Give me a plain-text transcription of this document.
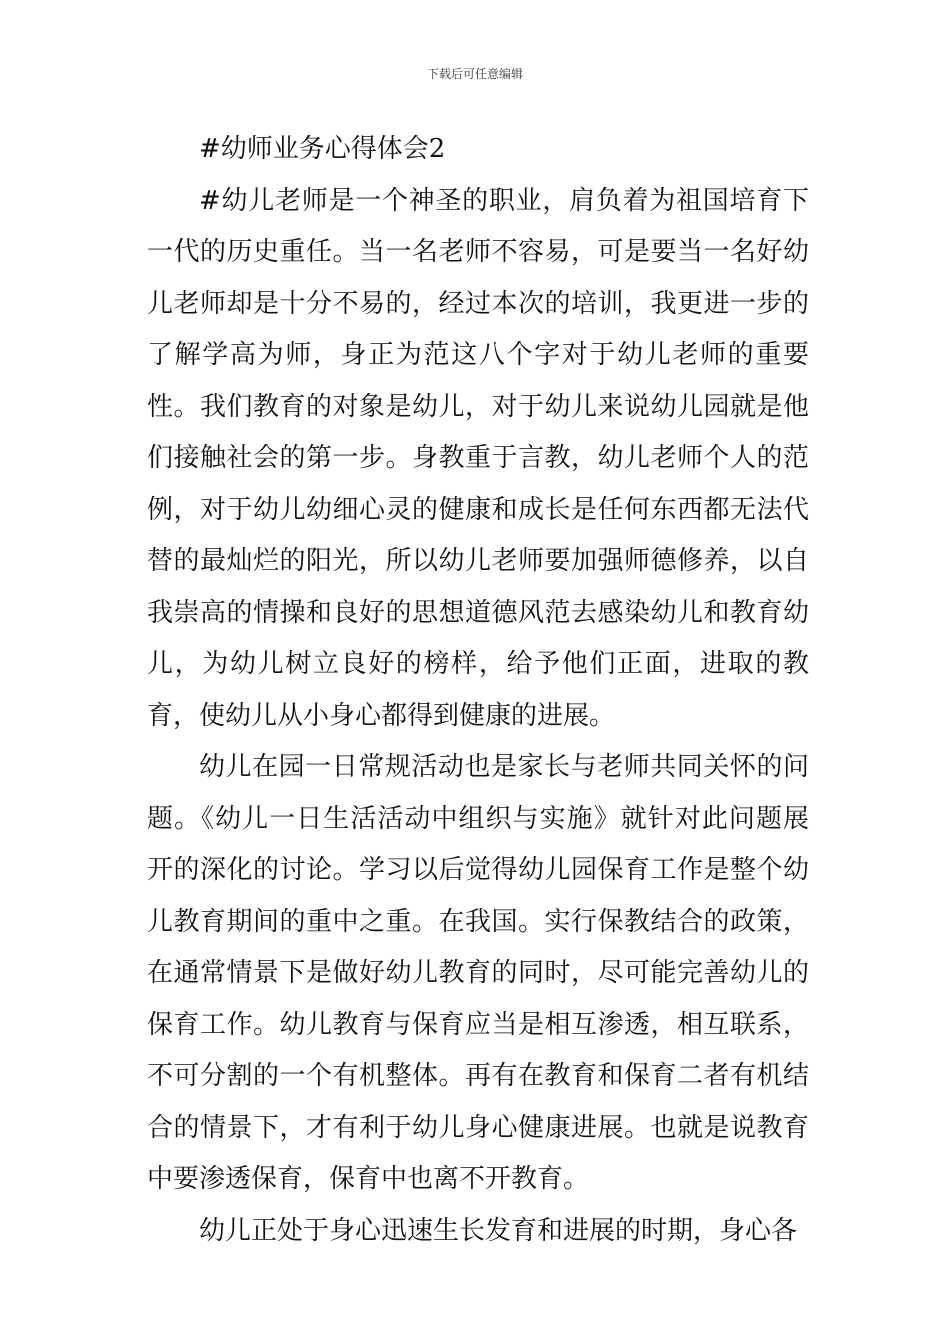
下载后可任意编辑

#幼师业务心得体会2

#幼儿老师是一个神圣的职业，肩负着为祖国培育下一代的历史重任。当一名老师不容易，可是要当一名好幼儿老师却是十分不易的，经过本次的培训，我更进一步的了解学高为师，身正为范这八个字对于幼儿老师的重要性。我们教育的对象是幼儿，对于幼儿来说幼儿园就是他们接触社会的第一步。身教重于言教，幼儿老师个人的范例，对于幼儿幼细心灵的健康和成长是任何东西都无法代替的最灿烂的阳光，所以幼儿老师要加强师德修养，以自我崇高的情操和良好的思想道德风范去感染幼儿和教育幼儿，为幼儿树立良好的榜样，给予他们正面，进取的教育，使幼儿从小身心都得到健康的进展。

幼儿在园一日常规活动也是家长与老师共同关怀的问题。《幼儿一日生活活动中组织与实施》就针对此问题展开的深化的讨论。学习以后觉得幼儿园保育工作是整个幼儿教育期间的重中之重。在我国。实行保教结合的政策，在通常情景下是做好幼儿教育的同时，尽可能完善幼儿的保育工作。幼儿教育与保育应当是相互渗透，相互联系，不可分割的一个有机整体。再有在教育和保育二者有机结合的情景下，才有利于幼儿身心健康进展。也就是说教育中要渗透保育，保育中也离不开教育。

幼儿正处于身心迅速生长发育和进展的时期，身心各
